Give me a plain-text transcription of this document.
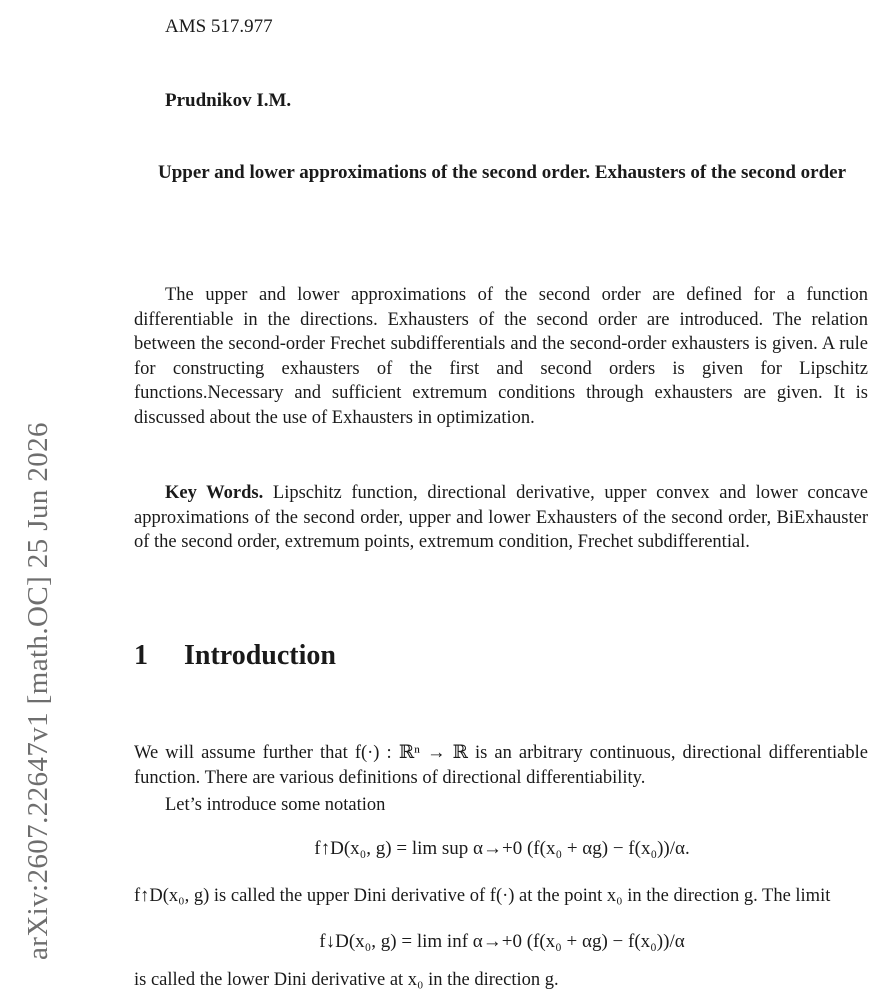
arXiv:2607.22647v1 [math.OC] 25 Jun 2026
AMS 517.977
Prudnikov I.M.
Upper and lower approximations of the second order. Exhausters of the second order
The upper and lower approximations of the second order are defined for a function differentiable in the directions. Exhausters of the second order are introduced. The relation between the second-order Frechet subdifferentials and the second-order exhausters is given. A rule for constructing exhausters of the first and second orders is given for Lipschitz functions.Necessary and sufficient extremum conditions through exhausters are given. It is discussed about the use of Exhausters in optimization.
Key Words. Lipschitz function, directional derivative, upper convex and lower concave approximations of the second order, upper and lower Exhausters of the second order, BiExhauster of the second order, extremum points, extremum condition, Frechet subdifferential.
1 Introduction
We will assume further that f(·) : ℝⁿ → ℝ is an arbitrary continuous, directional differentiable function. There are various definitions of directional differentiability.
Let’s introduce some notation
f↑D(x₀, g) = lim sup α→+0 (f(x₀ + αg) − f(x₀))/α.
f↑D(x₀, g) is called the upper Dini derivative of f(·) at the point x₀ in the direction g. The limit
f↓D(x₀, g) = lim inf α→+0 (f(x₀ + αg) − f(x₀))/α
is called the lower Dini derivative at x₀ in the direction g.
